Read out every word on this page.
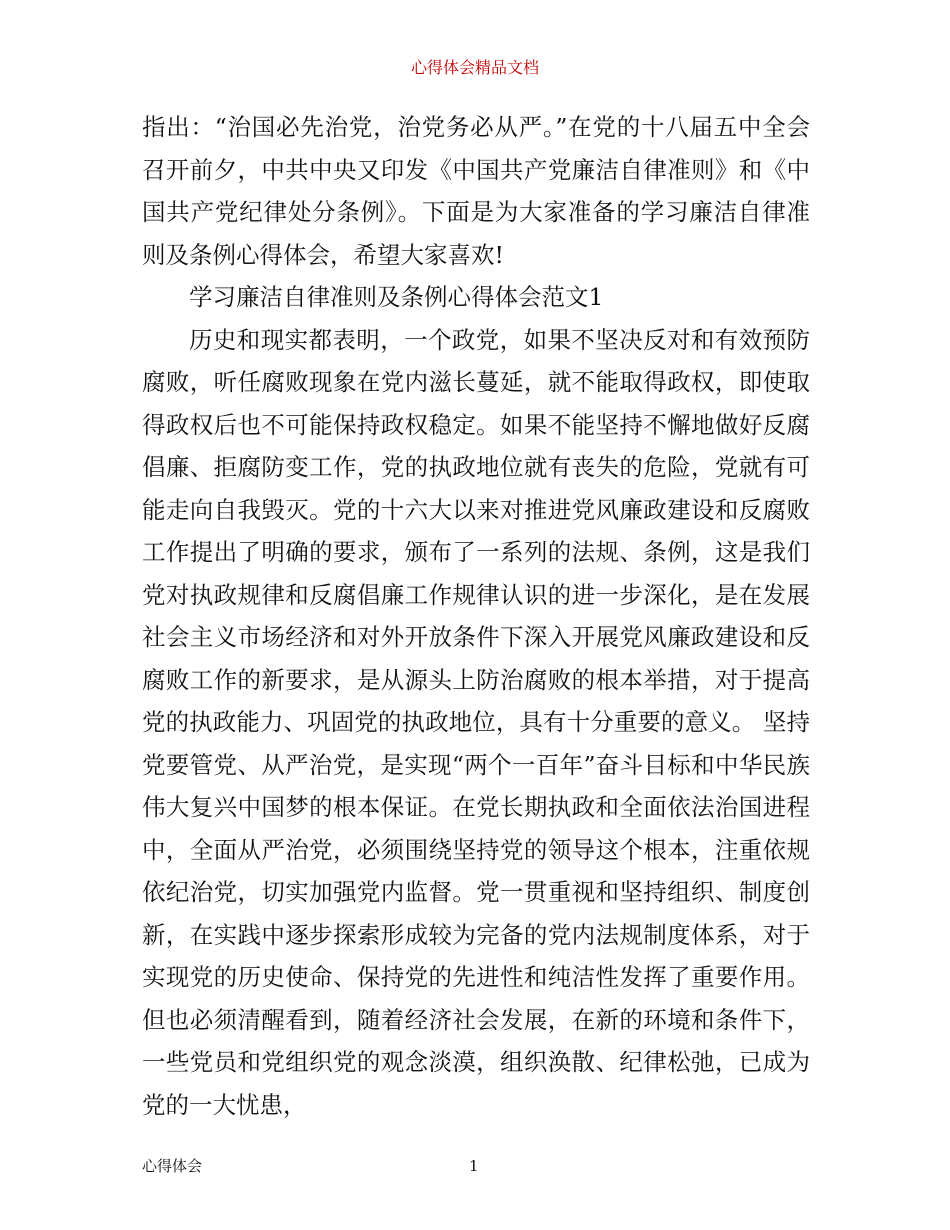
心得体会精品文档

指出：“治国必先治党，治党务必从严。”在党的十八届五中全会召开前夕，中共中央又印发《中国共产党廉洁自律准则》和《中国共产党纪律处分条例》。下面是为大家准备的学习廉洁自律准则及条例心得体会，希望大家喜欢!

学习廉洁自律准则及条例心得体会范文1

历史和现实都表明，一个政党，如果不坚决反对和有效预防腐败，听任腐败现象在党内滋长蔓延，就不能取得政权，即使取得政权后也不可能保持政权稳定。如果不能坚持不懈地做好反腐倡廉、拒腐防变工作，党的执政地位就有丧失的危险，党就有可能走向自我毁灭。党的十六大以来对推进党风廉政建设和反腐败工作提出了明确的要求，颁布了一系列的法规、条例，这是我们党对执政规律和反腐倡廉工作规律认识的进一步深化，是在发展社会主义市场经济和对外开放条件下深入开展党风廉政建设和反腐败工作的新要求，是从源头上防治腐败的根本举措，对于提高党的执政能力、巩固党的执政地位，具有十分重要的意义。 坚持党要管党、从严治党，是实现“两个一百年”奋斗目标和中华民族伟大复兴中国梦的根本保证。在党长期执政和全面依法治国进程中，全面从严治党，必须围绕坚持党的领导这个根本，注重依规依纪治党，切实加强党内监督。党一贯重视和坚持组织、制度创新，在实践中逐步探索形成较为完备的党内法规制度体系，对于实现党的历史使命、保持党的先进性和纯洁性发挥了重要作用。但也必须清醒看到，随着经济社会发展，在新的环境和条件下，一些党员和党组织党的观念淡漠，组织涣散、纪律松弛，已成为党的一大忧患，

心得体会	1
